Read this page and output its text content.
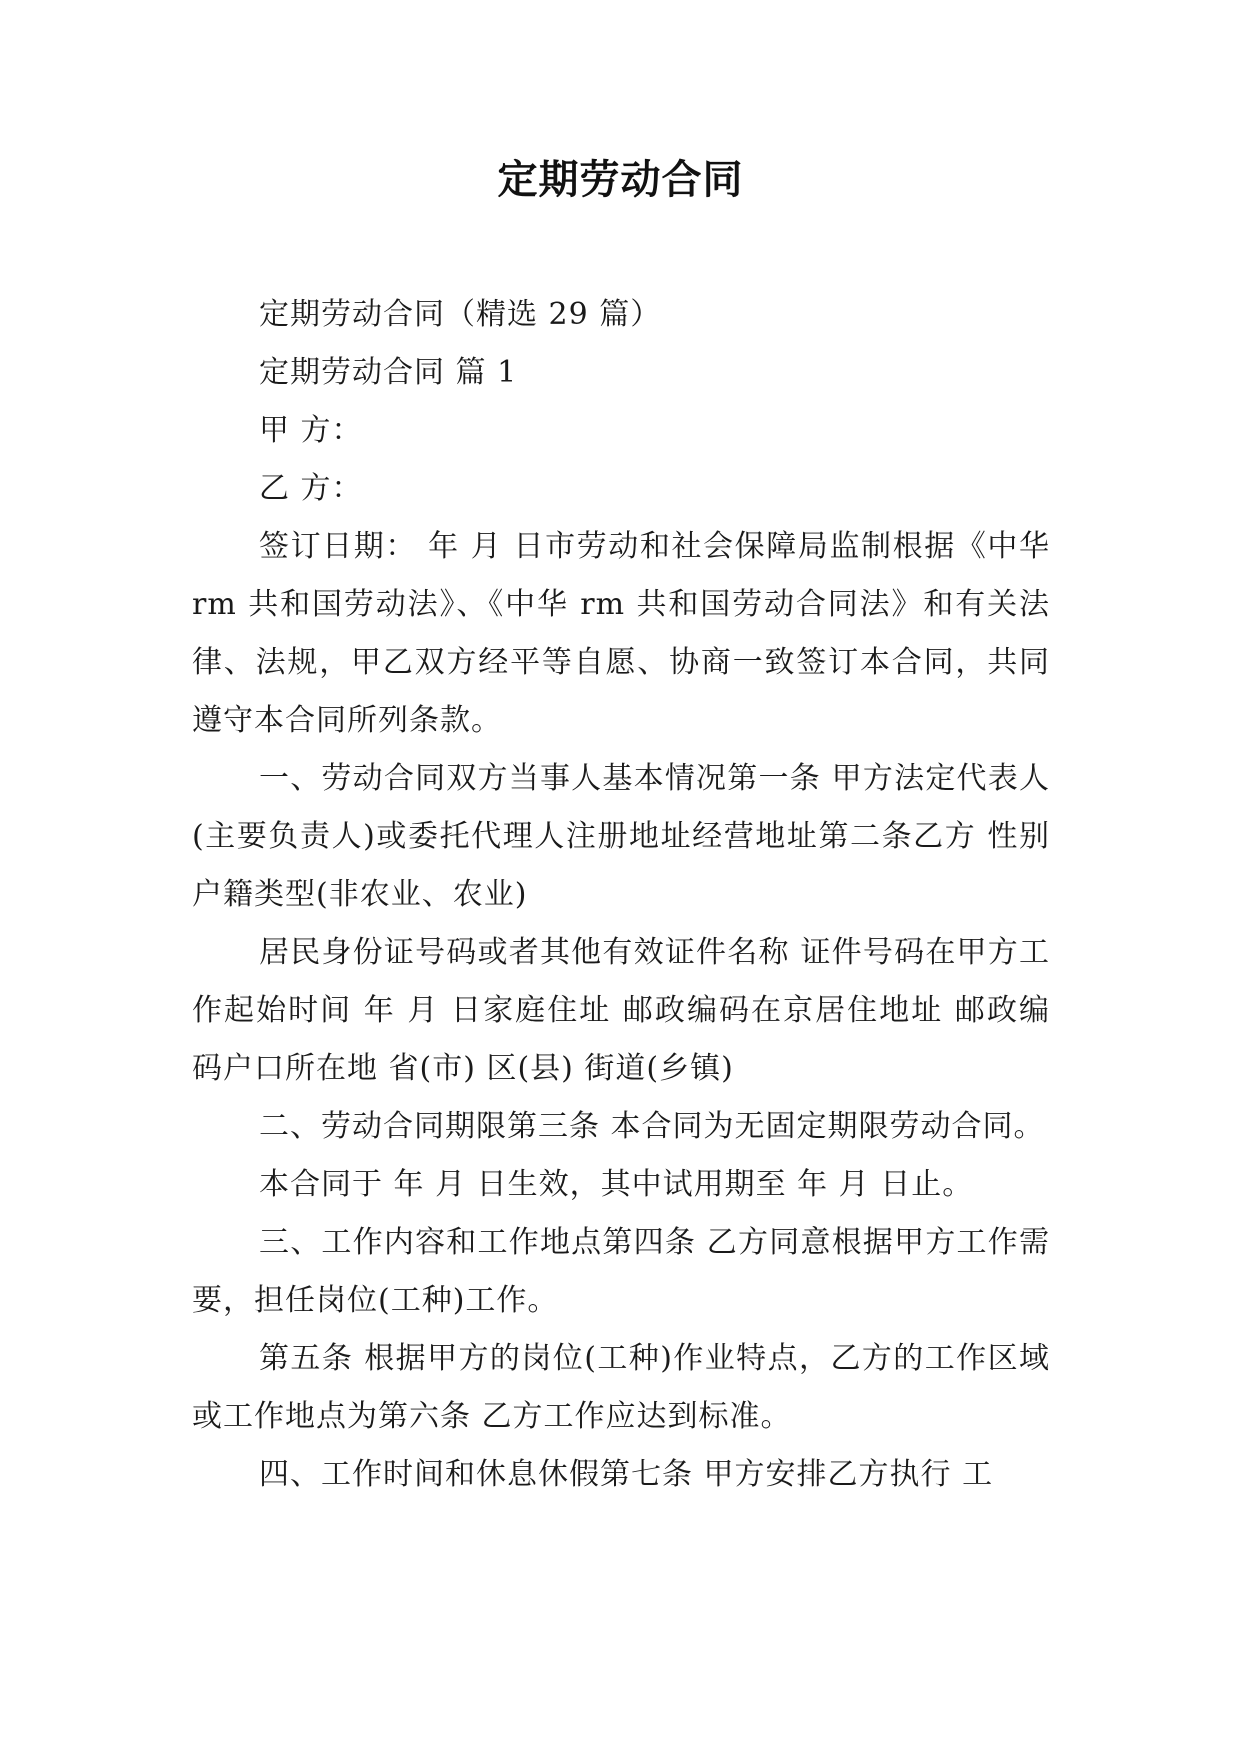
定期劳动合同

定期劳动合同（精选 29 篇）

定期劳动合同 篇 1

甲 方：

乙 方：

签订日期： 年 月 日市劳动和社会保障局监制根据《中华 rm 共和国劳动法》、《中华 rm 共和国劳动合同法》和有关法律、法规，甲乙双方经平等自愿、协商一致签订本合同，共同遵守本合同所列条款。

一、劳动合同双方当事人基本情况第一条 甲方法定代表人(主要负责人)或委托代理人注册地址经营地址第二条乙方 性别户籍类型(非农业、农业)

居民身份证号码或者其他有效证件名称 证件号码在甲方工作起始时间 年 月 日家庭住址 邮政编码在京居住地址 邮政编码户口所在地 省(市) 区(县) 街道(乡镇)

二、劳动合同期限第三条 本合同为无固定期限劳动合同。

本合同于 年 月 日生效，其中试用期至 年 月 日止。

三、工作内容和工作地点第四条 乙方同意根据甲方工作需要，担任岗位(工种)工作。

第五条 根据甲方的岗位(工种)作业特点，乙方的工作区域或工作地点为第六条 乙方工作应达到标准。

四、工作时间和休息休假第七条 甲方安排乙方执行 工
